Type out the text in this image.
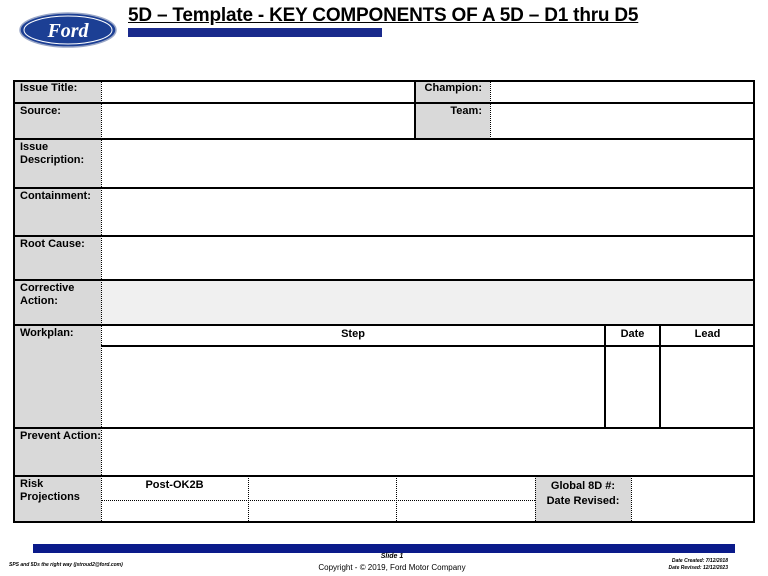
Ford
5D – Template - KEY COMPONENTS OF A 5D – D1 thru D5
Issue Title:	Champion:
Source:	Team:
Issue Description:
Containment:
Root Cause:
Corrective Action:
Workplan:	Step	Date	Lead
Prevent Action:
Risk Projections
Post-OK2B	Global 8D #:
Date Revised:
SPS and 5Ds the right way (jstroud2@ford.com)
Slide 1
Copyright - © 2019, Ford Motor Company
Date Created: 7/12/2018
Date Revised: 12/12/2023
